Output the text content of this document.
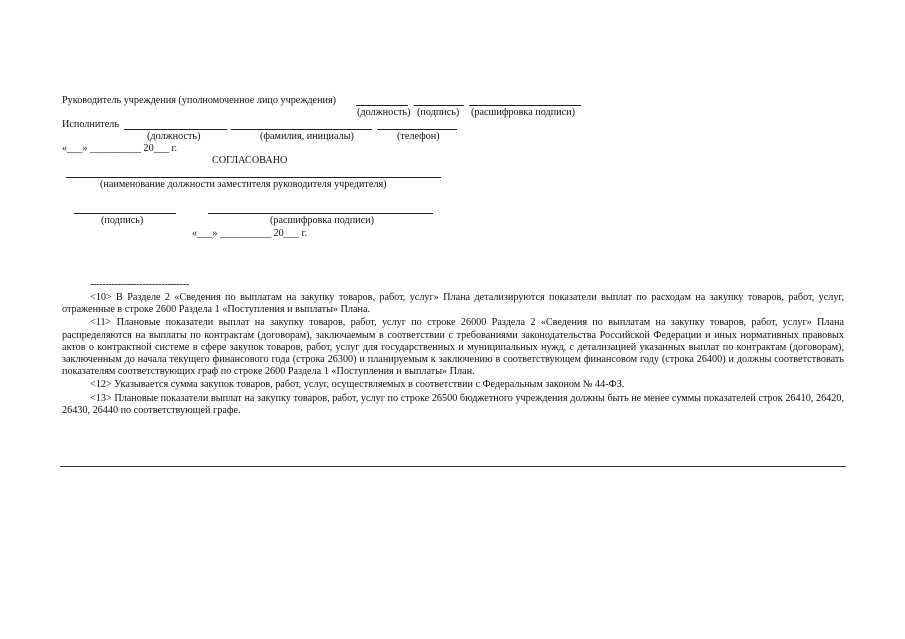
Руководитель учреждения (уполномоченное лицо учреждения)
(должность) (подпись) (расшифровка подписи)
Исполнитель
(должность)	(фамилия, инициалы)	(телефон)
«___» __________ 20___ г.
СОГЛАСОВАНО
(наименование должности заместителя руководителя учредителя)
(подпись)	(расшифровка подписи)
«___» __________ 20___ г.
--------------------------------

<10> В Разделе 2 «Сведения по выплатам на закупку товаров, работ, услуг» Плана детализируются показатели выплат по расходам на закупку товаров, работ, услуг, отраженные в строке 2600 Раздела 1 «Поступления и выплаты» Плана.

<11> Плановые показатели выплат на закупку товаров, работ, услуг по строке 26000 Раздела 2 «Сведения по выплатам на закупку товаров, работ, услуг» Плана распределяются на выплаты по контрактам (договорам), заключаемым в соответствии с требованиями законодательства Российской Федерации и иных нормативных правовых актов о контрактной системе в сфере закупок товаров, работ, услуг для государственных и муниципальных нужд, с детализацией указанных выплат по контрактам (договорам), заключенным до начала текущего финансового года (строка 26300) и планируемым к заключению в соответствующем финансовом году (строка 26400) и должны соответствовать показателям соответствующих граф по строке 2600 Раздела 1 «Поступления и выплаты» План.

<12> Указывается сумма закупок товаров, работ, услуг, осуществляемых в соответствии с Федеральным законом № 44-ФЗ.

<13> Плановые показатели выплат на закупку товаров, работ, услуг по строке 26500 бюджетного учреждения должны быть не менее суммы показателей строк 26410, 26420, 26430, 26440 по соответствующей графе.
